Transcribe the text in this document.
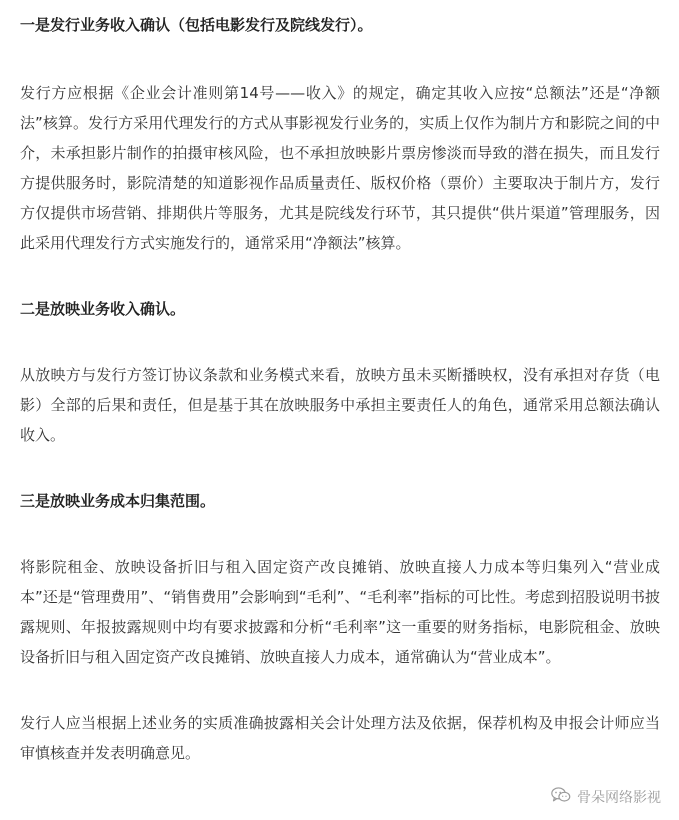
一是发行业务收入确认（包括电影发行及院线发行）。

发行方应根据《企业会计准则第14号——收入》的规定，确定其收入应按“总额法”还是“净额法”核算。发行方采用代理发行的方式从事影视发行业务的，实质上仅作为制片方和影院之间的中介，未承担影片制作的拍摄审核风险，也不承担放映影片票房惨淡而导致的潜在损失，而且发行方提供服务时，影院清楚的知道影视作品质量责任、版权价格（票价）主要取决于制片方，发行方仅提供市场营销、排期供片等服务，尤其是院线发行环节，其只提供“供片渠道”管理服务，因此采用代理发行方式实施发行的，通常采用“净额法”核算。

二是放映业务收入确认。

从放映方与发行方签订协议条款和业务模式来看，放映方虽未买断播映权，没有承担对存货（电影）全部的后果和责任，但是基于其在放映服务中承担主要责任人的角色，通常采用总额法确认收入。

三是放映业务成本归集范围。

将影院租金、放映设备折旧与租入固定资产改良摊销、放映直接人力成本等归集列入“营业成本”还是“管理费用”、“销售费用”会影响到“毛利”、“毛利率”指标的可比性。考虑到招股说明书披露规则、年报披露规则中均有要求披露和分析“毛利率”这一重要的财务指标，电影院租金、放映设备折旧与租入固定资产改良摊销、放映直接人力成本，通常确认为“营业成本”。

发行人应当根据上述业务的实质准确披露相关会计处理方法及依据，保荐机构及申报会计师应当审慎核查并发表明确意见。

骨朵网络影视
